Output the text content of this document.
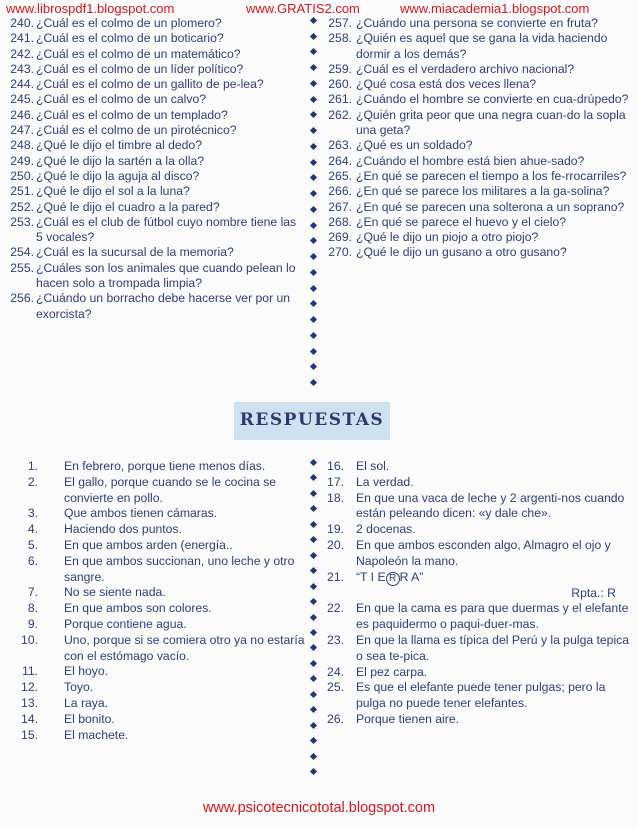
www.librospdf1.blogspot.com	www.GRATIS2.com	www.miacademia1.blogspot.com
240. ¿Cuál es el colmo de un plomero?
241. ¿Cuál es el colmo de un boticario?
242. ¿Cuál es el colmo de un matemático?
243. ¿Cuál es el colmo de un líder político?
244. ¿Cuál es el colmo de un gallito de pe-lea?
245. ¿Cuál es el colmo de un calvo?
246. ¿Cuál es el colmo de un templado?
247. ¿Cuál es el colmo de un pirotécnico?
248. ¿Qué le dijo el timbre al dedo?
249. ¿Qué le dijo la sartén a la olla?
250. ¿Qué le dijo la aguja al disco?
251. ¿Qué le dijo el sol a la luna?
252. ¿Qué le dijo el cuadro a la pared?
253. ¿Cuál es el club de fútbol cuyo nombre tiene las 5 vocales?
254. ¿Cuál es la sucursal de la memoria?
255. ¿Cuáles son los animales que cuando pelean lo hacen solo a trompada limpia?
256. ¿Cuándo un borracho debe hacerse ver por un exorcista?
257. ¿Cuándo una persona se convierte en fruta?
258. ¿Quién es aquel que se gana la vida haciendo dormir a los demás?
259. ¿Cuál es el verdadero archivo nacional?
260. ¿Qué cosa está dos veces llena?
261. ¿Cuándo el hombre se convierte en cua-drúpedo?
262. ¿Quién grita peor que una negra cuan-do la sopla una geta?
263. ¿Qué es un soldado?
264. ¿Cuándo el hombre está bien ahue-sado?
265. ¿En qué se parecen el tiempo a los fe-rrocarriles?
266. ¿En qué se parece los militares a la ga-solina?
267. ¿En qué se parecen una solterona a un soprano?
268. ¿En qué se parece el huevo y el cielo?
269. ¿Qué le dijo un piojo a otro piojo?
270. ¿Qué le dijo un gusano a otro gusano?
RESPUESTAS
1. En febrero, porque tiene menos días.
2. El gallo, porque cuando se le cocina se convierte en pollo.
3. Que ambos tienen cámaras.
4. Haciendo dos puntos.
5. En que ambos arden (energía..
6. En que ambos succionan, uno leche y otro sangre.
7. No se siente nada.
8. En que ambos son colores.
9. Porque contiene agua.
10. Uno, porque si se comiera otro ya no estaría con el estómago vacío.
11. El hoyo.
12. Toyo.
13. La raya.
14. El bonito.
15. El machete.
16. El sol.
17. La verdad.
18. En que una vaca de leche y 2 argenti-nos cuando están peleando dicen: «y dale che».
19. 2 docenas.
20. En que ambos esconden algo, Almagro el ojo y Napoleón la mano.
21. “T I E R R A”
Rpta.: R
22. En que la cama es para que duermas y el elefante es paquidermo o paqui-duer-mas.
23. En que la llama es típica del Perú y la pulga tepica o sea te-pica.
24. El pez carpa.
25. Es que el elefante puede tener pulgas; pero la pulga no puede tener elefantes.
26. Porque tienen aire.
www.psicotecnicototal.blogspot.com
